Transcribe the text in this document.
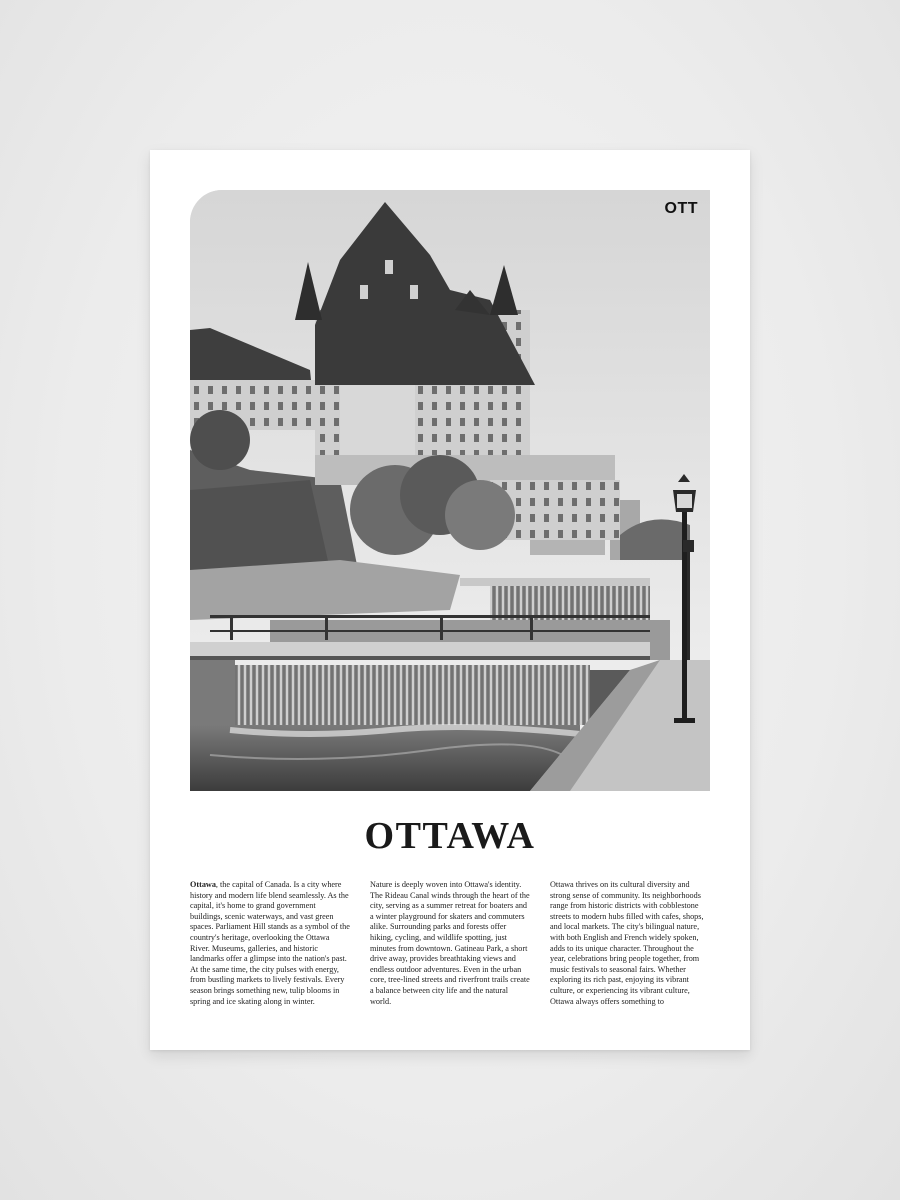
OTT
OTTAWA

Ottawa, the capital of Canada. Is a city where history and modern life blend seamlessly. As the capital, it's home to grand government buildings, scenic waterways, and vast green spaces. Parliament Hill stands as a symbol of the country's heritage, overlooking the Ottawa River. Museums, galleries, and historic landmarks offer a glimpse into the nation's past. At the same time, the city pulses with energy, from bustling markets to lively festivals. Every season brings something new, tulip blooms in spring and ice skating along in winter.

Nature is deeply woven into Ottawa's identity. The Rideau Canal winds through the heart of the city, serving as a summer retreat for boaters and a winter playground for skaters and commuters alike. Surrounding parks and forests offer hiking, cycling, and wildlife spotting, just minutes from downtown. Gatineau Park, a short drive away, provides breathtaking views and endless outdoor adventures. Even in the urban core, tree-lined streets and riverfront trails create a balance between city life and the natural world.

Ottawa thrives on its cultural diversity and strong sense of community. Its neighborhoods range from historic districts with cobblestone streets to modern hubs filled with cafes, shops, and local markets. The city's bilingual nature, with both English and French widely spoken, adds to its unique character. Throughout the year, celebrations bring people together, from music festivals to seasonal fairs. Whether exploring its rich past, enjoying its vibrant culture, or experiencing its vibrant culture, Ottawa always offers something to
